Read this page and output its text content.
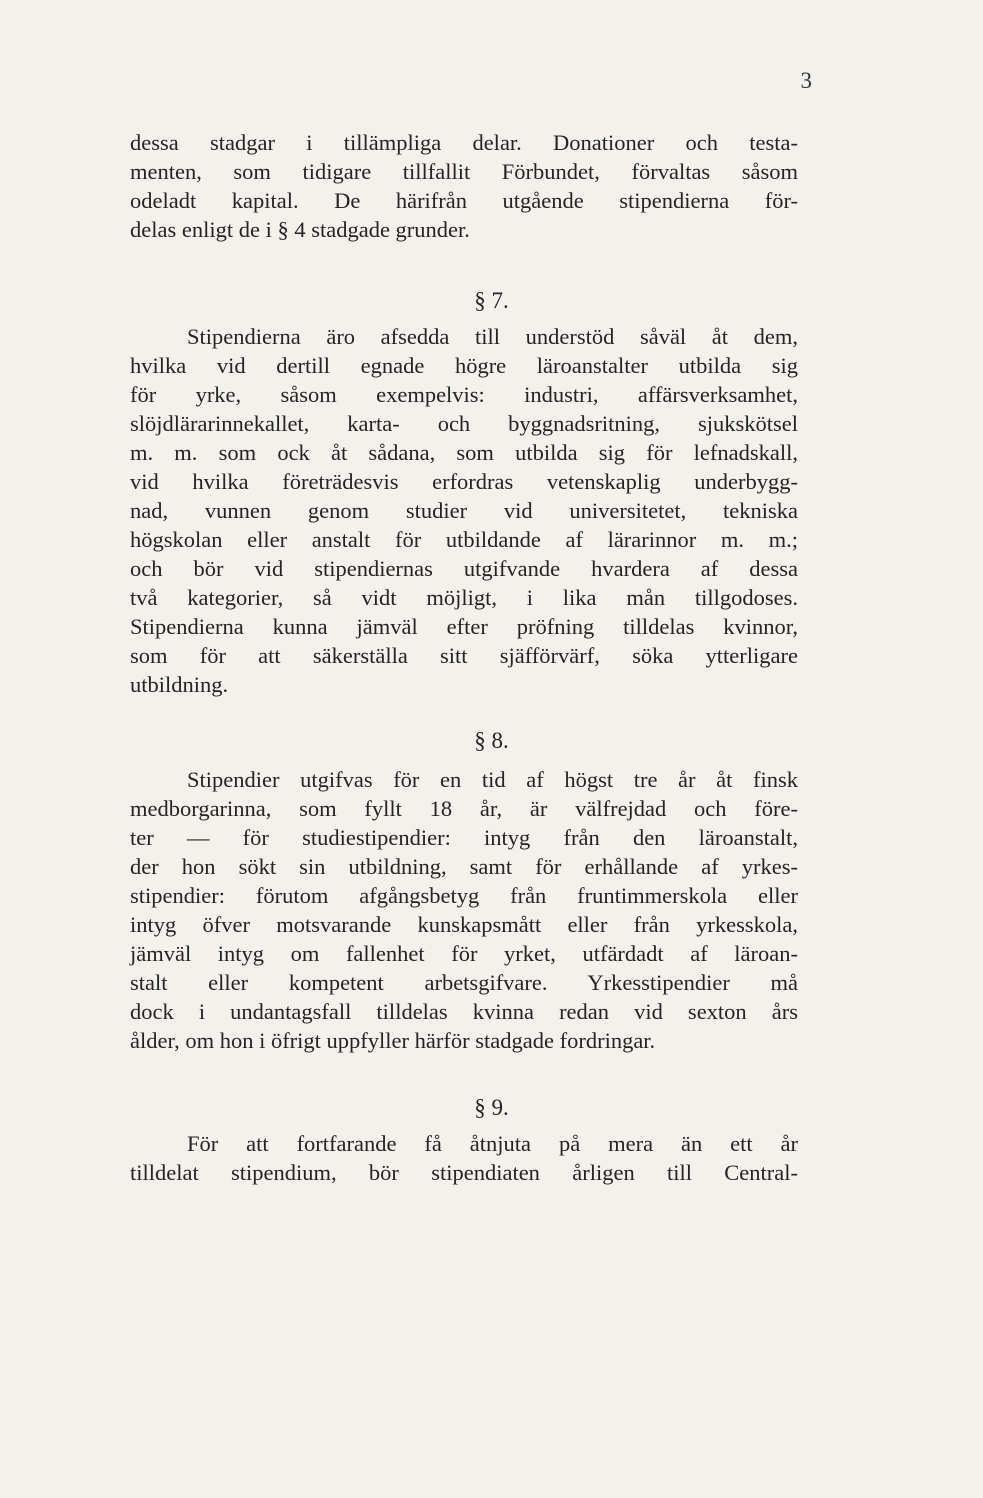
3
dessa stadgar i tillämpliga delar. Donationer och testa-
menten, som tidigare tillfallit Förbundet, förvaltas såsom
odeladt kapital. De härifrån utgående stipendierna för-
delas enligt de i § 4 stadgade grunder.
§ 7.
Stipendierna äro afsedda till understöd såväl åt dem,
hvilka vid dertill egnade högre läroanstalter utbilda sig
för yrke, såsom exempelvis: industri, affärsverksamhet,
slöjdlärarinnekallet, karta- och byggnadsritning, sjukskötsel
m. m. som ock åt sådana, som utbilda sig för lefnadskall,
vid hvilka företrädesvis erfordras vetenskaplig underbygg-
nad, vunnen genom studier vid universitetet, tekniska
högskolan eller anstalt för utbildande af lärarinnor m. m.;
och bör vid stipendiernas utgifvande hvardera af dessa
två kategorier, så vidt möjligt, i lika mån tillgodoses.
Stipendierna kunna jämväl efter pröfning tilldelas kvinnor,
som för att säkerställa sitt sjäfförvärf, söka ytterligare
utbildning.
§ 8.
Stipendier utgifvas för en tid af högst tre år åt finsk
medborgarinna, som fyllt 18 år, är välfrejdad och före-
ter — för studiestipendier: intyg från den läroanstalt,
der hon sökt sin utbildning, samt för erhållande af yrkes-
stipendier: förutom afgångsbetyg från fruntimmerskola eller
intyg öfver motsvarande kunskapsmått eller från yrkesskola,
jämväl intyg om fallenhet för yrket, utfärdadt af läroan-
stalt eller kompetent arbetsgifvare. Yrkesstipendier må
dock i undantagsfall tilldelas kvinna redan vid sexton års
ålder, om hon i öfrigt uppfyller härför stadgade fordringar.
§ 9.
För att fortfarande få åtnjuta på mera än ett år
tilldelat stipendium, bör stipendiaten årligen till Central-
